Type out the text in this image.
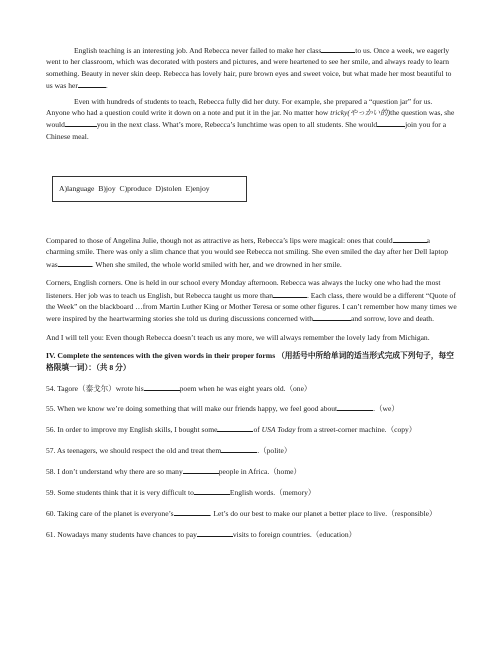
English teaching is an interesting job. And Rebecca never failed to make her class	to us. Once a week, we eagerly went to her classroom, which was decorated with posters and pictures, and were heartened to see her smile, and always ready to learn something. Beauty in never skin deep. Rebecca has lovely hair, pure brown eyes and sweet voice, but what made her most beautiful to us was her	.

Even with hundreds of students to teach, Rebecca fully did her duty. For example, she prepared a “question jar” for us. Anyone who had a question could write it down on a note and put it in the jar. No matter how tricky(やっかい的)the question was, she would	you in the next class. What’s more, Rebecca’s lunchtime was open to all students. She would	join you for a Chinese meal.

A)language B)joy C)produce D)stolen E)enjoy

Compared to those of Angelina Julie, though not as attractive as hers, Rebecca’s lips were magical: ones that could	a charming smile. There was only a slim chance that you would see Rebecca not smiling. She even smiled the day after her Dell laptop was	. When she smiled, the whole world smiled with her, and we drowned in her smile.

Corners, English corners. One is held in our school every Monday afternoon. Rebecca was always the lucky one who had the most listeners. Her job was to teach us English, but Rebecca taught us more than	. Each class, there would be a different “Quote of the Week” on the blackboard …from Martin Luther King or Mother Teresa or some other figures. I can’t remember how many times we were inspired by the heartwarming stories she told us during discussions concerned with	and sorrow, love and death.

And I will tell you: Even though Rebecca doesn’t teach us any more, we will always remember the lovely lady from Michigan.

IV. Complete the sentences with the given words in their proper forms （用括号中所给单词的适当形式完成下列句子，每空格限填一词）：（共 8 分）

54. Tagore（泰戈尔）wrote his	poem when he was eight years old.（one）

55. When we know we’re doing something that will make our friends happy, we feel good about	.（we）

56. In order to improve my English skills, I bought some	of USA Today from a street-corner machine.（copy）

57. As teenagers, we should respect the old and treat them	.（polite）

58. I don’t understand why there are so many	people in Africa.（home）

59. Some students think that it is very difficult to	English words.（memory）

60. Taking care of the planet is everyone’s	. Let’s do our best to make our planet a better place to live.（responsible）

61. Nowadays many students have chances to pay	visits to foreign countries.（education）
